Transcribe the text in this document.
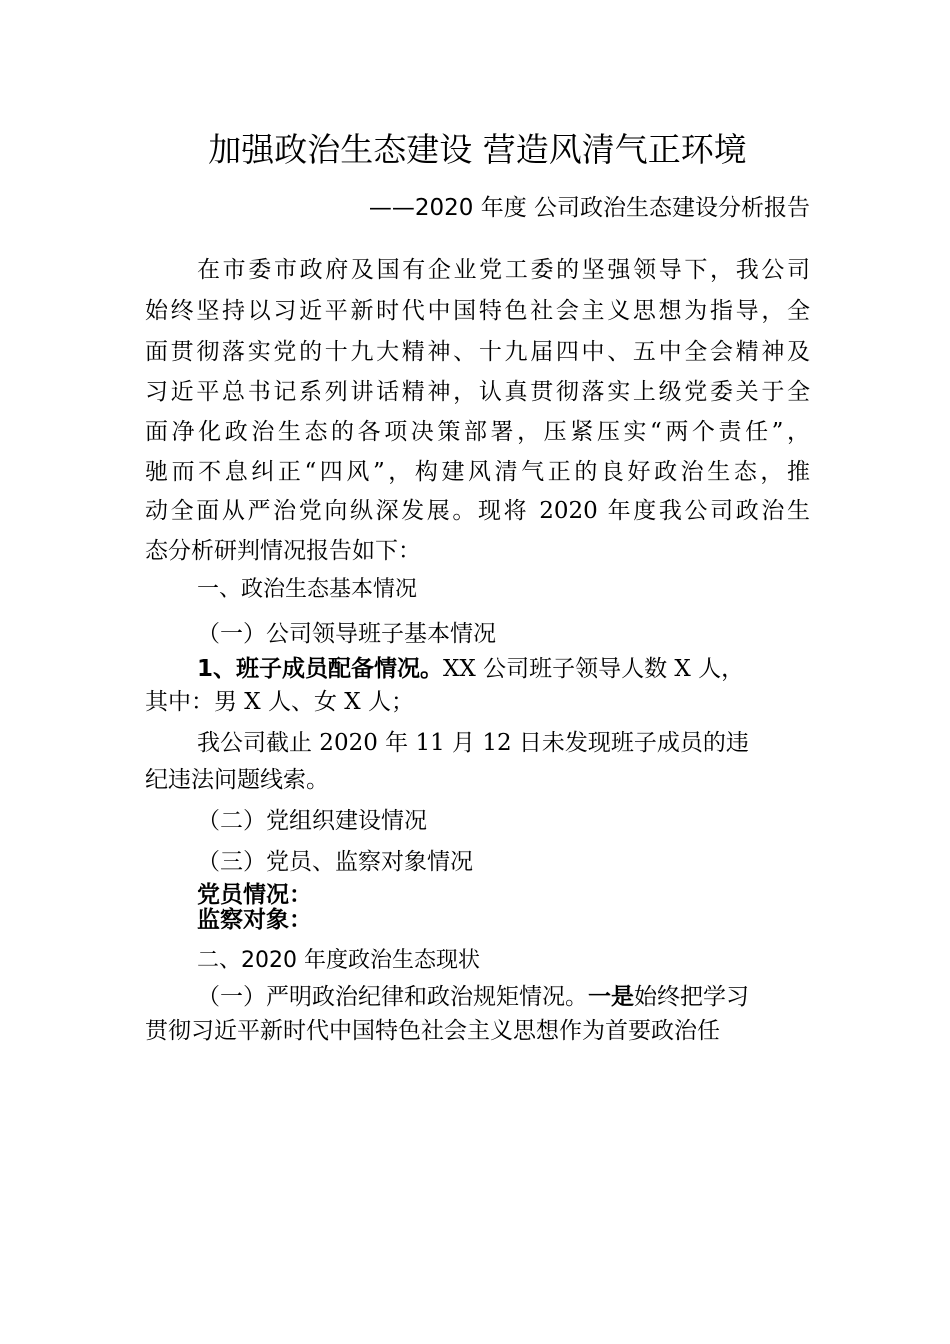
加强政治生态建设 营造风清气正环境
——2020 年度 公司政治生态建设分析报告
在市委市政府及国有企业党工委的坚强领导下，我公司
始终坚持以习近平新时代中国特色社会主义思想为指导，全
面贯彻落实党的十九大精神、十九届四中、五中全会精神及
习近平总书记系列讲话精神，认真贯彻落实上级党委关于全
面净化政治生态的各项决策部署，压紧压实“两个责任”，
驰而不息纠正“四风”，构建风清气正的良好政治生态，推
动全面从严治党向纵深发展。现将 2020 年度我公司政治生
态分析研判情况报告如下：
一、政治生态基本情况
（一）公司领导班子基本情况
1、班子成员配备情况。XX 公司班子领导人数 X 人，
其中：男 X 人、女 X 人；
我公司截止 2020 年 11 月 12 日未发现班子成员的违
纪违法问题线索。
（二）党组织建设情况
（三）党员、监察对象情况
党员情况：
监察对象：
二、2020 年度政治生态现状
（一）严明政治纪律和政治规矩情况。一是始终把学习
贯彻习近平新时代中国特色社会主义思想作为首要政治任
